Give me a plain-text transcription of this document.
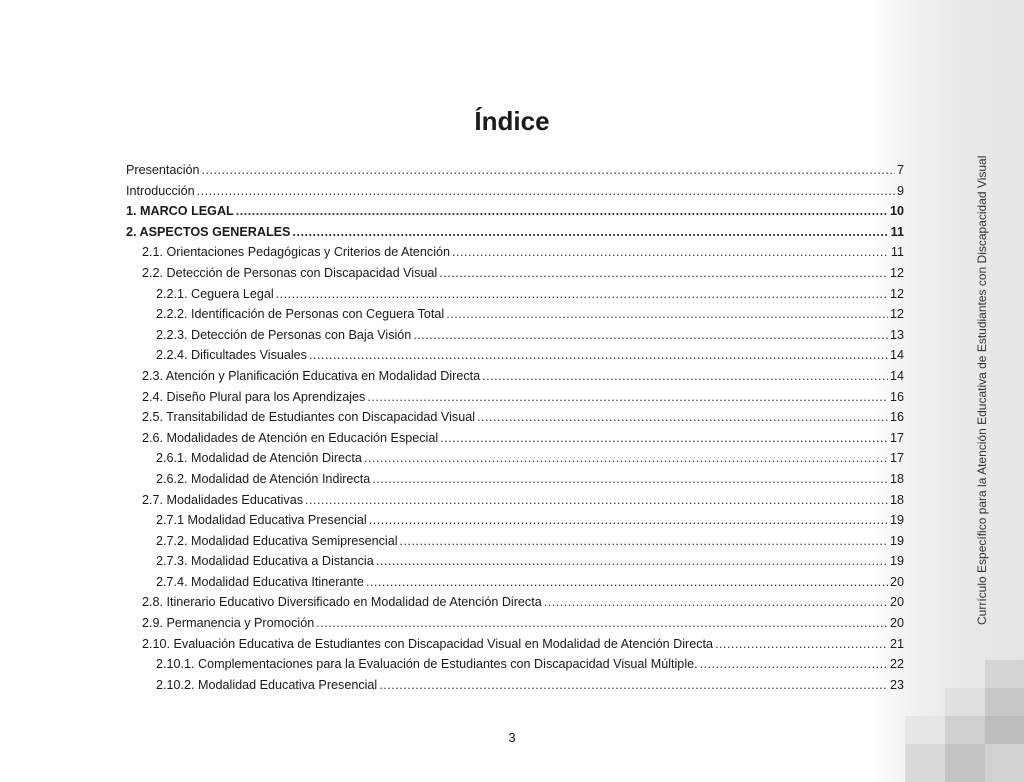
Currículo Específico para la Atención Educativa de Estudiantes con Discapacidad Visual
Índice
Presentación .....	7
Introducción .....	9
1. MARCO LEGAL .....	10
2. ASPECTOS GENERALES .....	11
2.1. Orientaciones Pedagógicas y Criterios de Atención .....	11
2.2. Detección de Personas con Discapacidad Visual .....	12
2.2.1. Ceguera Legal .....	12
2.2.2. Identificación de Personas con Ceguera Total .....	12
2.2.3. Detección de Personas con Baja Visión .....	13
2.2.4. Dificultades Visuales .....	14
2.3. Atención y Planificación Educativa en Modalidad Directa .....	14
2.4. Diseño Plural para los Aprendizajes .....	16
2.5. Transitabilidad de Estudiantes con Discapacidad Visual .....	16
2.6. Modalidades de Atención en Educación Especial .....	17
2.6.1. Modalidad de Atención Directa .....	17
2.6.2. Modalidad de Atención Indirecta .....	18
2.7. Modalidades Educativas .....	18
2.7.1 Modalidad Educativa Presencial .....	19
2.7.2. Modalidad Educativa Semipresencial .....	19
2.7.3. Modalidad Educativa a Distancia .....	19
2.7.4. Modalidad Educativa Itinerante .....	20
2.8. Itinerario Educativo Diversificado en Modalidad de Atención Directa .....	20
2.9. Permanencia y Promoción .....	20
2.10. Evaluación Educativa de Estudiantes con Discapacidad Visual en Modalidad de Atención Directa .....	21
2.10.1. Complementaciones para la Evaluación de Estudiantes con Discapacidad Visual Múltiple. .....	22
2.10.2. Modalidad Educativa Presencial .....	23
3
